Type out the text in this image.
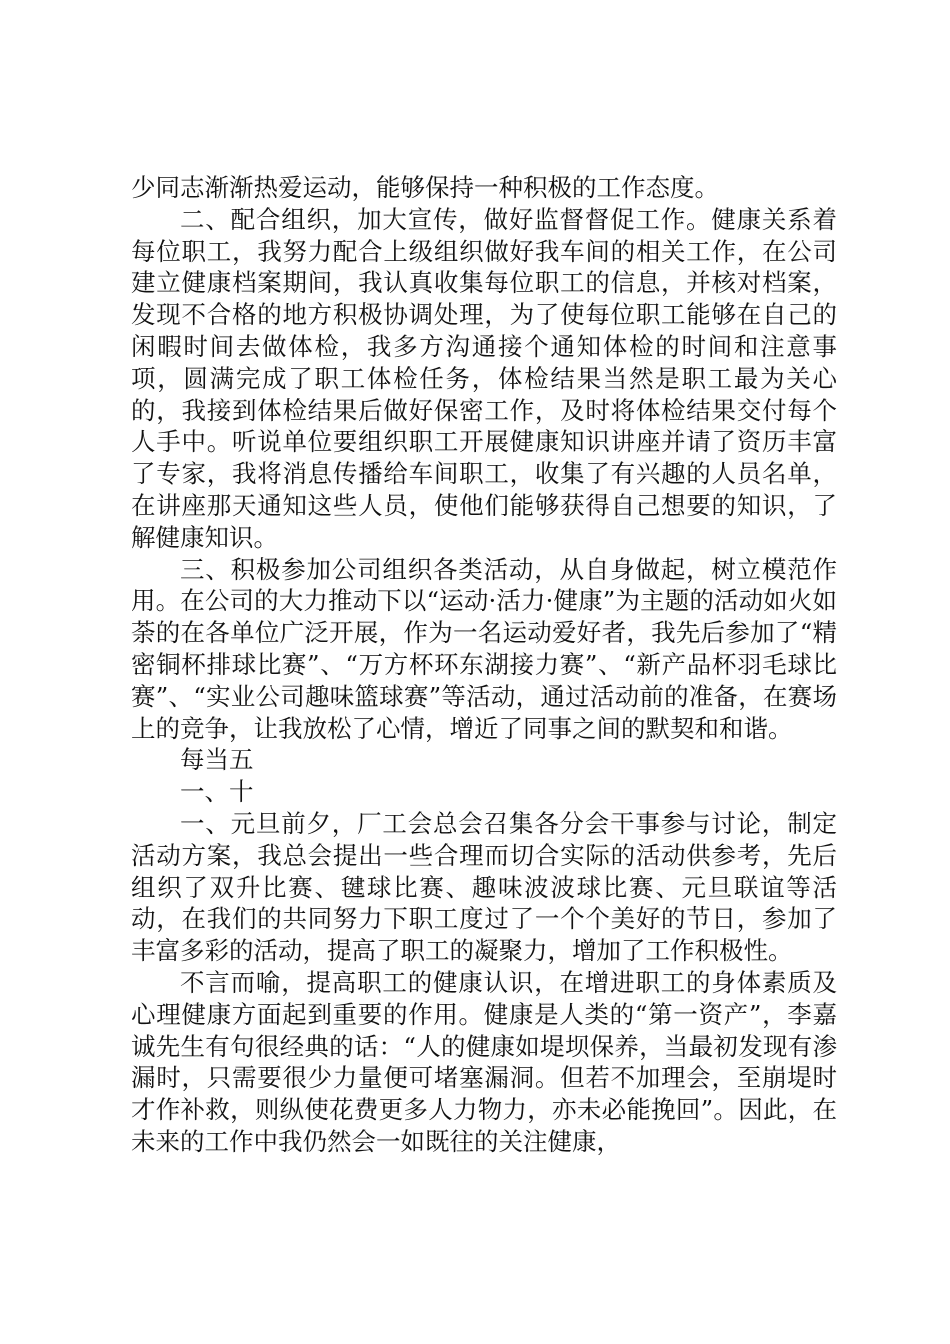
少同志渐渐热爱运动，能够保持一种积极的工作态度。

二、配合组织，加大宣传，做好监督督促工作。健康关系着每位职工，我努力配合上级组织做好我车间的相关工作，在公司建立健康档案期间，我认真收集每位职工的信息，并核对档案，发现不合格的地方积极协调处理，为了使每位职工能够在自己的闲暇时间去做体检，我多方沟通接个通知体检的时间和注意事项，圆满完成了职工体检任务，体检结果当然是职工最为关心的，我接到体检结果后做好保密工作，及时将体检结果交付每个人手中。听说单位要组织职工开展健康知识讲座并请了资历丰富了专家，我将消息传播给车间职工，收集了有兴趣的人员名单，在讲座那天通知这些人员，使他们能够获得自己想要的知识，了解健康知识。

三、积极参加公司组织各类活动，从自身做起，树立模范作用。在公司的大力推动下以“运动·活力·健康”为主题的活动如火如荼的在各单位广泛开展，作为一名运动爱好者，我先后参加了“精密铜杯排球比赛”、“万方杯环东湖接力赛”、“新产品杯羽毛球比赛”、“实业公司趣味篮球赛”等活动，通过活动前的准备，在赛场上的竞争，让我放松了心情，增近了同事之间的默契和和谐。

每当五

一、十

一、元旦前夕，厂工会总会召集各分会干事参与讨论，制定活动方案，我总会提出一些合理而切合实际的活动供参考，先后组织了双升比赛、毽球比赛、趣味波波球比赛、元旦联谊等活动，在我们的共同努力下职工度过了一个个美好的节日，参加了丰富多彩的活动，提高了职工的凝聚力，增加了工作积极性。

不言而喻，提高职工的健康认识，在增进职工的身体素质及心理健康方面起到重要的作用。健康是人类的“第一资产”，李嘉诚先生有句很经典的话：“人的健康如堤坝保养，当最初发现有渗漏时，只需要很少力量便可堵塞漏洞。但若不加理会，至崩堤时才作补救，则纵使花费更多人力物力，亦未必能挽回”。因此，在未来的工作中我仍然会一如既往的关注健康，
